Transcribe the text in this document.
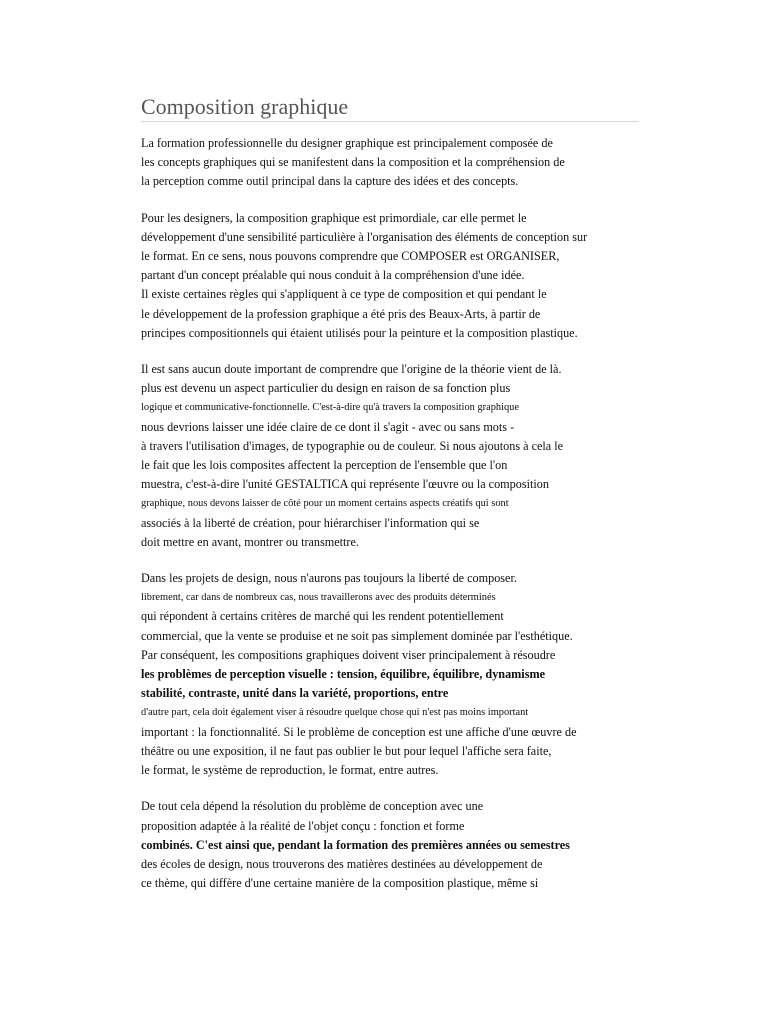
Composition graphique
La formation professionnelle du designer graphique est principalement composée de
les concepts graphiques qui se manifestent dans la composition et la compréhension de
la perception comme outil principal dans la capture des idées et des concepts.
Pour les designers, la composition graphique est primordiale, car elle permet le
développement d'une sensibilité particulière à l'organisation des éléments de conception sur
le format. En ce sens, nous pouvons comprendre que COMPOSER est ORGANISER,
partant d'un concept préalable qui nous conduit à la compréhension d'une idée.
Il existe certaines règles qui s'appliquent à ce type de composition et qui pendant le
le développement de la profession graphique a été pris des Beaux-Arts, à partir de
principes compositionnels qui étaient utilisés pour la peinture et la composition plastique.
Il est sans aucun doute important de comprendre que l'origine de la théorie vient de là.
plus est devenu un aspect particulier du design en raison de sa fonction plus
logique et communicative-fonctionnelle. C'est-à-dire qu'à travers la composition graphique
nous devrions laisser une idée claire de ce dont il s'agit - avec ou sans mots -
à travers l'utilisation d'images, de typographie ou de couleur. Si nous ajoutons à cela le
le fait que les lois composites affectent la perception de l'ensemble que l'on
muestra, c'est-à-dire l'unité GESTALTICA qui représente l'œuvre ou la composition
graphique, nous devons laisser de côté pour un moment certains aspects créatifs qui sont
associés à la liberté de création, pour hiérarchiser l'information qui se
doit mettre en avant, montrer ou transmettre.
Dans les projets de design, nous n'aurons pas toujours la liberté de composer.
librement, car dans de nombreux cas, nous travaillerons avec des produits déterminés
qui répondent à certains critères de marché qui les rendent potentiellement
commercial, que la vente se produise et ne soit pas simplement dominée par l'esthétique.
Par conséquent, les compositions graphiques doivent viser principalement à résoudre
les problèmes de perception visuelle : tension, équilibre, équilibre, dynamisme
stabilité, contraste, unité dans la variété, proportions, entre
d'autre part, cela doit également viser à résoudre quelque chose qui n'est pas moins important
important : la fonctionnalité. Si le problème de conception est une affiche d'une œuvre de
théâtre ou une exposition, il ne faut pas oublier le but pour lequel l'affiche sera faite,
le format, le système de reproduction, le format, entre autres.
De tout cela dépend la résolution du problème de conception avec une
proposition adaptée à la réalité de l'objet conçu : fonction et forme
combinés. C'est ainsi que, pendant la formation des premières années ou semestres
des écoles de design, nous trouverons des matières destinées au développement de
ce thème, qui diffère d'une certaine manière de la composition plastique, même si
